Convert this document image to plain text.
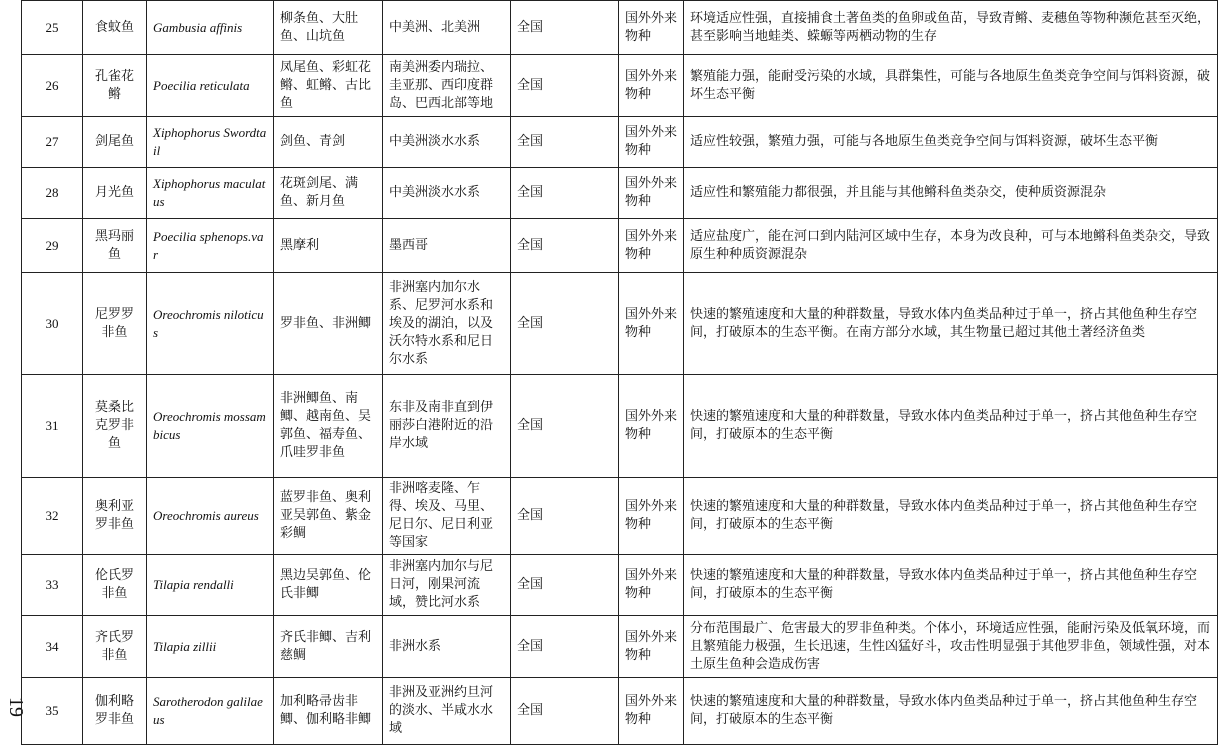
19
25	食蚊鱼	Gambusia affinis	柳条鱼、大肚鱼、山坑鱼	中美洲、北美洲	全国	国外外来物种	环境适应性强，直接捕食土著鱼类的鱼卵或鱼苗，导致青鳉、麦穗鱼等物种濒危甚至灭绝，甚至影响当地蛙类、蝾螈等两栖动物的生存
26	孔雀花鳉	Poecilia reticulata	凤尾鱼、彩虹花鳉、虹鳉、古比鱼	南美洲委内瑞拉、圭亚那、西印度群岛、巴西北部等地	全国	国外外来物种	繁殖能力强，能耐受污染的水域，具群集性，可能与各地原生鱼类竞争空间与饵料资源，破坏生态平衡
27	剑尾鱼	Xiphophorus Swordtail	剑鱼、青剑	中美洲淡水水系	全国	国外外来物种	适应性较强，繁殖力强，可能与各地原生鱼类竞争空间与饵料资源，破坏生态平衡
28	月光鱼	Xiphophorus maculatus	花斑剑尾、满鱼、新月鱼	中美洲淡水水系	全国	国外外来物种	适应性和繁殖能力都很强，并且能与其他鳉科鱼类杂交，使种质资源混杂
29	黑玛丽鱼	Poecilia sphenops.var	黑摩利	墨西哥	全国	国外外来物种	适应盐度广，能在河口到内陆河区域中生存，本身为改良种，可与本地鳉科鱼类杂交，导致原生种种质资源混杂
30	尼罗罗非鱼	Oreochromis niloticus	罗非鱼、非洲鲫	非洲塞内加尔水系、尼罗河水系和埃及的湖泊，以及沃尔特水系和尼日尔水系	全国	国外外来物种	快速的繁殖速度和大量的种群数量，导致水体内鱼类品种过于单一，挤占其他鱼种生存空间，打破原本的生态平衡。在南方部分水域，其生物量已超过其他土著经济鱼类
31	莫桑比克罗非鱼	Oreochromis mossambicus	非洲鲫鱼、南鲫、越南鱼、吴郭鱼、福寿鱼、爪哇罗非鱼	东非及南非直到伊丽莎白港附近的沿岸水域	全国	国外外来物种	快速的繁殖速度和大量的种群数量，导致水体内鱼类品种过于单一，挤占其他鱼种生存空间，打破原本的生态平衡
32	奥利亚罗非鱼	Oreochromis aureus	蓝罗非鱼、奥利亚吴郭鱼、紫金彩鲷	非洲喀麦隆、乍得、埃及、马里、尼日尔、尼日利亚等国家	全国	国外外来物种	快速的繁殖速度和大量的种群数量，导致水体内鱼类品种过于单一，挤占其他鱼种生存空间，打破原本的生态平衡
33	伦氏罗非鱼	Tilapia rendalli	黑边吴郭鱼、伦氏非鲫	非洲塞内加尔与尼日河，刚果河流域，赞比河水系	全国	国外外来物种	快速的繁殖速度和大量的种群数量，导致水体内鱼类品种过于单一，挤占其他鱼种生存空间，打破原本的生态平衡
34	齐氏罗非鱼	Tilapia zillii	齐氏非鲫、吉利慈鲷	非洲水系	全国	国外外来物种	分布范围最广、危害最大的罗非鱼种类。个体小，环境适应性强，能耐污染及低氧环境，而且繁殖能力极强，生长迅速，生性凶猛好斗，攻击性明显强于其他罗非鱼，领域性强，对本土原生鱼种会造成伤害
35	伽利略罗非鱼	Sarotherodon galilaeus	加利略帚齿非鲫、伽利略非鲫	非洲及亚洲约旦河的淡水、半咸水水域	全国	国外外来物种	快速的繁殖速度和大量的种群数量，导致水体内鱼类品种过于单一，挤占其他鱼种生存空间，打破原本的生态平衡
